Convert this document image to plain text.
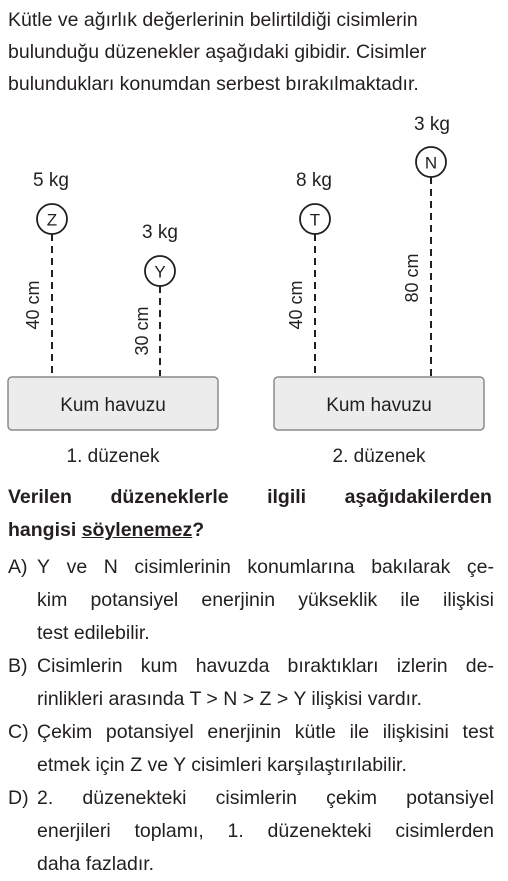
Kütle ve ağırlık değerlerinin belirtildiği cisimlerin
bulunduğu düzenekler aşağıdaki gibidir. Cisimler
bulundukları konumdan serbest bırakılmaktadır.
5 kg
Z
40 cm
3 kg
Y
30 cm
Kum havuzu
1. düzenek
8 kg
T
40 cm
3 kg
N
80 cm
Kum havuzu
2. düzenek
Verilen düzeneklerle ilgili aşağıdakilerden
hangisi söylenemez?
A) Y ve N cisimlerinin konumlarına bakılarak çe-
kim potansiyel enerjinin yükseklik ile ilişkisi
test edilebilir.
B) Cisimlerin kum havuzda bıraktıkları izlerin de-
rinlikleri arasında T > N > Z > Y ilişkisi vardır.
C) Çekim potansiyel enerjinin kütle ile ilişkisini test
etmek için Z ve Y cisimleri karşılaştırılabilir.
D) 2. düzenekteki cisimlerin çekim potansiyel
enerjileri toplamı, 1. düzenekteki cisimlerden
daha fazladır.
